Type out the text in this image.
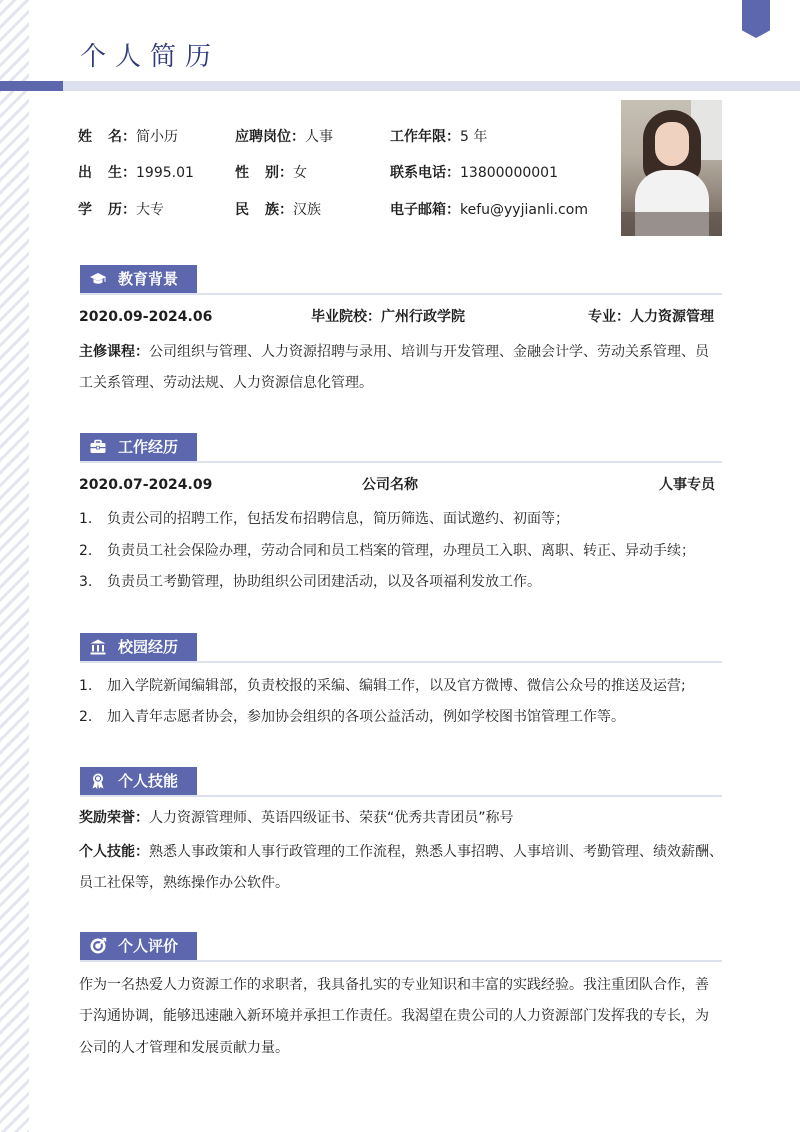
个人简历
姓 名：简小历	应聘岗位：人事	工作年限：5 年
出 生：1995.01	性 别：女	联系电话：13800000001
学 历：大专	民 族：汉族	电子邮箱：kefu@yyjianli.com
教育背景
2020.09-2024.06	毕业院校：广州行政学院	专业：人力资源管理
主修课程：公司组织与管理、人力资源招聘与录用、培训与开发管理、金融会计学、劳动关系管理、员
工关系管理、劳动法规、人力资源信息化管理。
工作经历
2020.07-2024.09	公司名称	人事专员
1. 负责公司的招聘工作，包括发布招聘信息，简历筛选、面试邀约、初面等；
2. 负责员工社会保险办理，劳动合同和员工档案的管理，办理员工入职、离职、转正、异动手续；
3. 负责员工考勤管理，协助组织公司团建活动，以及各项福利发放工作。
校园经历
1. 加入学院新闻编辑部，负责校报的采编、编辑工作，以及官方微博、微信公众号的推送及运营;
2. 加入青年志愿者协会，参加协会组织的各项公益活动，例如学校图书馆管理工作等。
个人技能
奖励荣誉：人力资源管理师、英语四级证书、荣获“优秀共青团员”称号
个人技能：熟悉人事政策和人事行政管理的工作流程，熟悉人事招聘、人事培训、考勤管理、绩效薪酬、
员工社保等，熟练操作办公软件。
个人评价
作为一名热爱人力资源工作的求职者，我具备扎实的专业知识和丰富的实践经验。我注重团队合作，善
于沟通协调，能够迅速融入新环境并承担工作责任。我渴望在贵公司的人力资源部门发挥我的专长，为
公司的人才管理和发展贡献力量。
